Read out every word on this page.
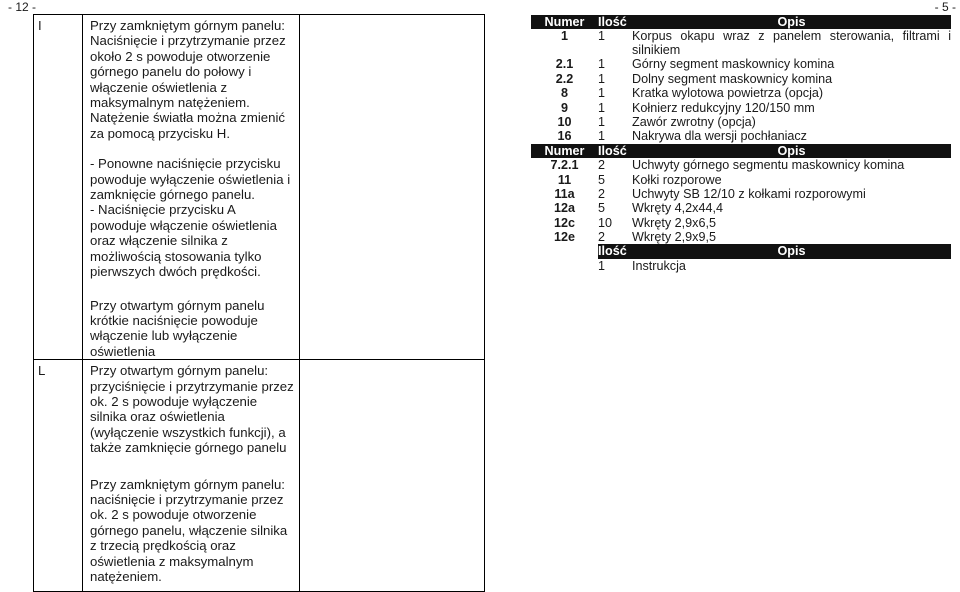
- 12 -	- 5 -
I	Przy zamkniętym górnym panelu: Naciśnięcie i przytrzymanie przez około 2 s powoduje otworzenie górnego panelu do połowy i włączenie oświetlenia z maksymalnym natężeniem. Natężenie światła można zmienić za pomocą przycisku H.

- Ponowne naciśnięcie przycisku powoduje wyłączenie oświetlenia i zamknięcie górnego panelu.

- Naciśnięcie przycisku A powoduje włączenie oświetlenia oraz włączenie silnika z możliwością stosowania tylko pierwszych dwóch prędkości.

Przy otwartym górnym panelu krótkie naciśnięcie powoduje włączenie lub wyłączenie oświetlenia	

L	Przy otwartym górnym panelu: przyciśnięcie i przytrzymanie przez ok. 2 s powoduje wyłączenie silnika oraz oświetlenia (wyłączenie wszystkich funkcji), a także zamknięcie górnego panelu

Przy zamkniętym górnym panelu: naciśnięcie i przytrzymanie przez ok. 2 s powoduje otworzenie górnego panelu, włączenie silnika z trzecią prędkością oraz oświetlenia z maksymalnym natężeniem.	

Numer	Ilość	Opis
1	1	Korpus okapu wraz z panelem sterowania, filtrami i silnikiem
2.1	1	Górny segment maskownicy komina
2.2	1	Dolny segment maskownicy komina
8	1	Kratka wylotowa powietrza (opcja)
9	1	Kołnierz redukcyjny 120/150 mm
10	1	Zawór zwrotny (opcja)
16	1	Nakrywa dla wersji pochłaniacz
Numer	Ilość	Opis
7.2.1	2	Uchwyty górnego segmentu maskownicy komina
11	5	Kołki rozporowe
11a	2	Uchwyty SB 12/10 z kołkami rozporowymi
12a	5	Wkręty 4,2x44,4
12c	10	Wkręty 2,9x6,5
12e	2	Wkręty 2,9x9,5
	Ilość	Opis
	1	Instrukcja
